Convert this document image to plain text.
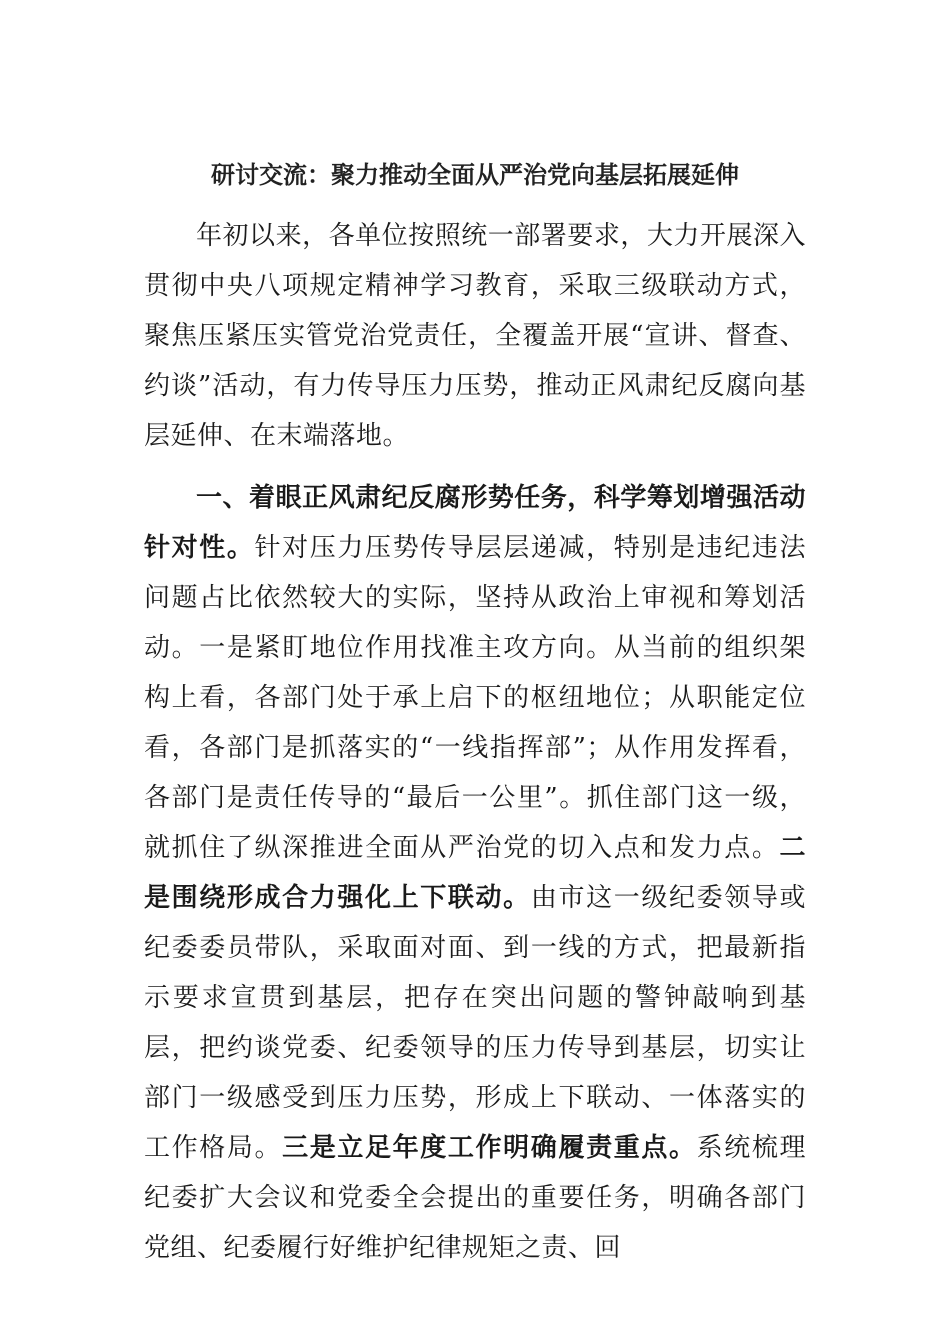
研讨交流：聚力推动全面从严治党向基层拓展延伸

年初以来，各单位按照统一部署要求，大力开展深入贯彻中央八项规定精神学习教育，采取三级联动方式，聚焦压紧压实管党治党责任，全覆盖开展“宣讲、督查、约谈”活动，有力传导压力压势，推动正风肃纪反腐向基层延伸、在末端落地。

一、着眼正风肃纪反腐形势任务，科学筹划增强活动针对性。针对压力压势传导层层递减，特别是违纪违法问题占比依然较大的实际，坚持从政治上审视和筹划活动。一是紧盯地位作用找准主攻方向。从当前的组织架构上看，各部门处于承上启下的枢纽地位；从职能定位看，各部门是抓落实的“一线指挥部”；从作用发挥看，各部门是责任传导的“最后一公里”。抓住部门这一级，就抓住了纵深推进全面从严治党的切入点和发力点。二是围绕形成合力强化上下联动。由市这一级纪委领导或纪委委员带队，采取面对面、到一线的方式，把最新指示要求宣贯到基层，把存在突出问题的警钟敲响到基层，把约谈党委、纪委领导的压力传导到基层，切实让部门一级感受到压力压势，形成上下联动、一体落实的工作格局。三是立足年度工作明确履责重点。系统梳理纪委扩大会议和党委全会提出的重要任务，明确各部门党组、纪委履行好维护纪律规矩之责、回
